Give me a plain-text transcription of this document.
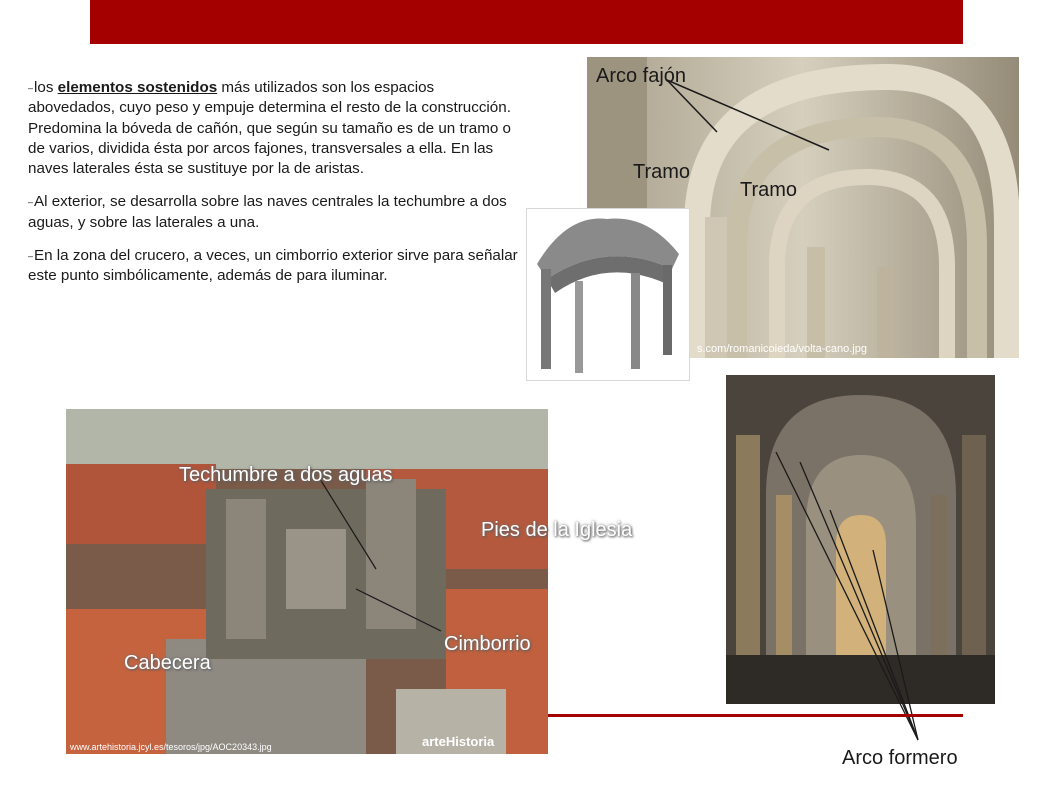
–los elementos sostenidos más utilizados son los espacios abovedados, cuyo peso y empuje determina el resto de la construcción. Predomina la bóveda de cañón, que según su tamaño es de un tramo o de varios, dividida ésta por arcos fajones, transversales a ella. En las naves laterales ésta se sustituye por la de aristas.

–Al exterior, se desarrolla sobre las naves centrales la techumbre a dos aguas, y sobre las laterales a una.

–En la zona del crucero, a veces, un cimborrio exterior sirve para señalar este punto simbólicamente, además de para iluminar.

s.com/romanicoieda/volta-cano.jpg
www.artehistoria.jcyl.es/tesoros/jpg/AOC20343.jpg	arteHistoria
Arco fajón
Tramo
Tramo
Techumbre a dos aguas
Pies de la Iglesia
Cimborrio
Cabecera
Arco formero
